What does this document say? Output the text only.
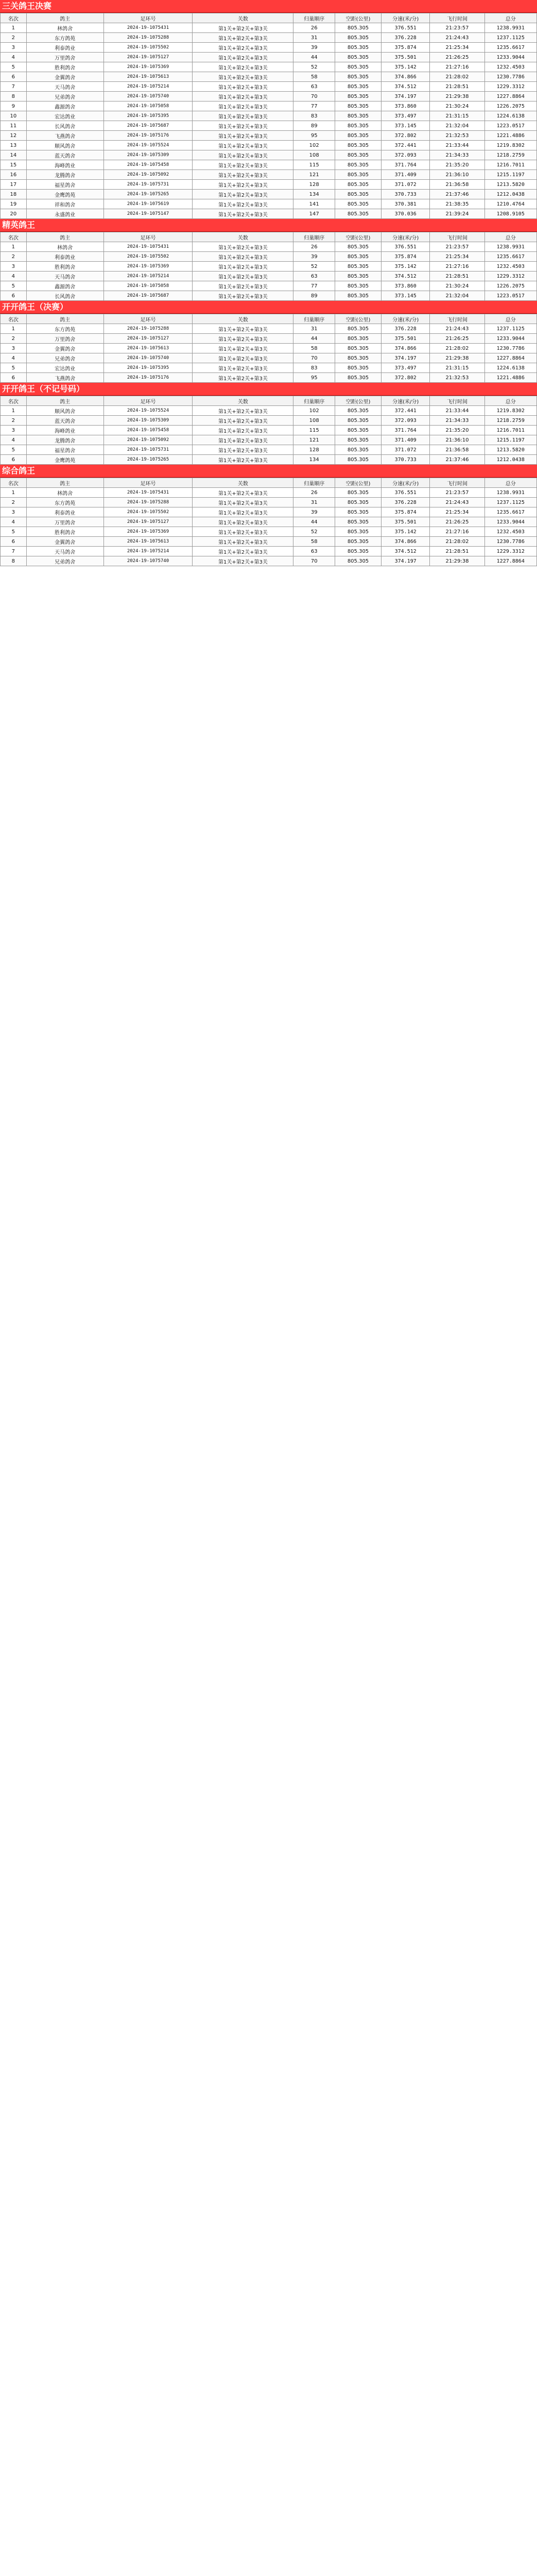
三关鸽王决赛
名次	鸽主	足环号	关数	归巢顺序	空距(公里)	分速(米/分)	飞行时间	总分
1	林鸽舍	2024-19-1075431	第1关+第2关+第3关	26	805.305	376.551	21:23:57	1238.9931
2	东方鸽苑	2024-19-1075288	第1关+第2关+第3关	31	805.305	376.228	21:24:43	1237.1125
3	利泰鸽业	2024-19-1075502	第1关+第2关+第3关	39	805.305	375.874	21:25:34	1235.6617
4	万里鸽舍	2024-19-1075127	第1关+第2关+第3关	44	805.305	375.501	21:26:25	1233.9044
5	胜利鸽舍	2024-19-1075369	第1关+第2关+第3关	52	805.305	375.142	21:27:16	1232.4503
6	金翼鸽舍	2024-19-1075613	第1关+第2关+第3关	58	805.305	374.866	21:28:02	1230.7786
7	天马鸽舍	2024-19-1075214	第1关+第2关+第3关	63	805.305	374.512	21:28:51	1229.3312
8	兄弟鸽舍	2024-19-1075740	第1关+第2关+第3关	70	805.305	374.197	21:29:38	1227.8864
9	鑫源鸽舍	2024-19-1075058	第1关+第2关+第3关	77	805.305	373.860	21:30:24	1226.2075
10	宏达鸽业	2024-19-1075395	第1关+第2关+第3关	83	805.305	373.497	21:31:15	1224.6138
11	长风鸽舍	2024-19-1075687	第1关+第2关+第3关	89	805.305	373.145	21:32:04	1223.0517
12	飞燕鸽舍	2024-19-1075176	第1关+第2关+第3关	95	805.305	372.802	21:32:53	1221.4886
13	顺风鸽舍	2024-19-1075524	第1关+第2关+第3关	102	805.305	372.441	21:33:44	1219.8302
14	蓝天鸽舍	2024-19-1075309	第1关+第2关+第3关	108	805.305	372.093	21:34:33	1218.2759
15	海峰鸽业	2024-19-1075458	第1关+第2关+第3关	115	805.305	371.764	21:35:20	1216.7011
16	龙腾鸽舍	2024-19-1075092	第1关+第2关+第3关	121	805.305	371.409	21:36:10	1215.1197
17	福星鸽舍	2024-19-1075731	第1关+第2关+第3关	128	805.305	371.072	21:36:58	1213.5820
18	金鹰鸽苑	2024-19-1075265	第1关+第2关+第3关	134	805.305	370.733	21:37:46	1212.0438
19	祥和鸽舍	2024-19-1075619	第1关+第2关+第3关	141	805.305	370.381	21:38:35	1210.4764
20	永盛鸽业	2024-19-1075147	第1关+第2关+第3关	147	805.305	370.036	21:39:24	1208.9105
精英鸽王
名次	鸽主	足环号	关数	归巢顺序	空距(公里)	分速(米/分)	飞行时间	总分
1	林鸽舍	2024-19-1075431	第1关+第2关+第3关	26	805.305	376.551	21:23:57	1238.9931
2	利泰鸽业	2024-19-1075502	第1关+第2关+第3关	39	805.305	375.874	21:25:34	1235.6617
3	胜利鸽舍	2024-19-1075369	第1关+第2关+第3关	52	805.305	375.142	21:27:16	1232.4503
4	天马鸽舍	2024-19-1075214	第1关+第2关+第3关	63	805.305	374.512	21:28:51	1229.3312
5	鑫源鸽舍	2024-19-1075058	第1关+第2关+第3关	77	805.305	373.860	21:30:24	1226.2075
6	长风鸽舍	2024-19-1075687	第1关+第2关+第3关	89	805.305	373.145	21:32:04	1223.0517
开开鸽王（决赛）
名次	鸽主	足环号	关数	归巢顺序	空距(公里)	分速(米/分)	飞行时间	总分
1	东方鸽苑	2024-19-1075288	第1关+第2关+第3关	31	805.305	376.228	21:24:43	1237.1125
2	万里鸽舍	2024-19-1075127	第1关+第2关+第3关	44	805.305	375.501	21:26:25	1233.9044
3	金翼鸽舍	2024-19-1075613	第1关+第2关+第3关	58	805.305	374.866	21:28:02	1230.7786
4	兄弟鸽舍	2024-19-1075740	第1关+第2关+第3关	70	805.305	374.197	21:29:38	1227.8864
5	宏达鸽业	2024-19-1075395	第1关+第2关+第3关	83	805.305	373.497	21:31:15	1224.6138
6	飞燕鸽舍	2024-19-1075176	第1关+第2关+第3关	95	805.305	372.802	21:32:53	1221.4886
开开鸽王（不记号码）
名次	鸽主	足环号	关数	归巢顺序	空距(公里)	分速(米/分)	飞行时间	总分
1	顺风鸽舍	2024-19-1075524	第1关+第2关+第3关	102	805.305	372.441	21:33:44	1219.8302
2	蓝天鸽舍	2024-19-1075309	第1关+第2关+第3关	108	805.305	372.093	21:34:33	1218.2759
3	海峰鸽业	2024-19-1075458	第1关+第2关+第3关	115	805.305	371.764	21:35:20	1216.7011
4	龙腾鸽舍	2024-19-1075092	第1关+第2关+第3关	121	805.305	371.409	21:36:10	1215.1197
5	福星鸽舍	2024-19-1075731	第1关+第2关+第3关	128	805.305	371.072	21:36:58	1213.5820
6	金鹰鸽苑	2024-19-1075265	第1关+第2关+第3关	134	805.305	370.733	21:37:46	1212.0438
综合鸽王
名次	鸽主	足环号	关数	归巢顺序	空距(公里)	分速(米/分)	飞行时间	总分
1	林鸽舍	2024-19-1075431	第1关+第2关+第3关	26	805.305	376.551	21:23:57	1238.9931
2	东方鸽苑	2024-19-1075288	第1关+第2关+第3关	31	805.305	376.228	21:24:43	1237.1125
3	利泰鸽业	2024-19-1075502	第1关+第2关+第3关	39	805.305	375.874	21:25:34	1235.6617
4	万里鸽舍	2024-19-1075127	第1关+第2关+第3关	44	805.305	375.501	21:26:25	1233.9044
5	胜利鸽舍	2024-19-1075369	第1关+第2关+第3关	52	805.305	375.142	21:27:16	1232.4503
6	金翼鸽舍	2024-19-1075613	第1关+第2关+第3关	58	805.305	374.866	21:28:02	1230.7786
7	天马鸽舍	2024-19-1075214	第1关+第2关+第3关	63	805.305	374.512	21:28:51	1229.3312
8	兄弟鸽舍	2024-19-1075740	第1关+第2关+第3关	70	805.305	374.197	21:29:38	1227.8864
